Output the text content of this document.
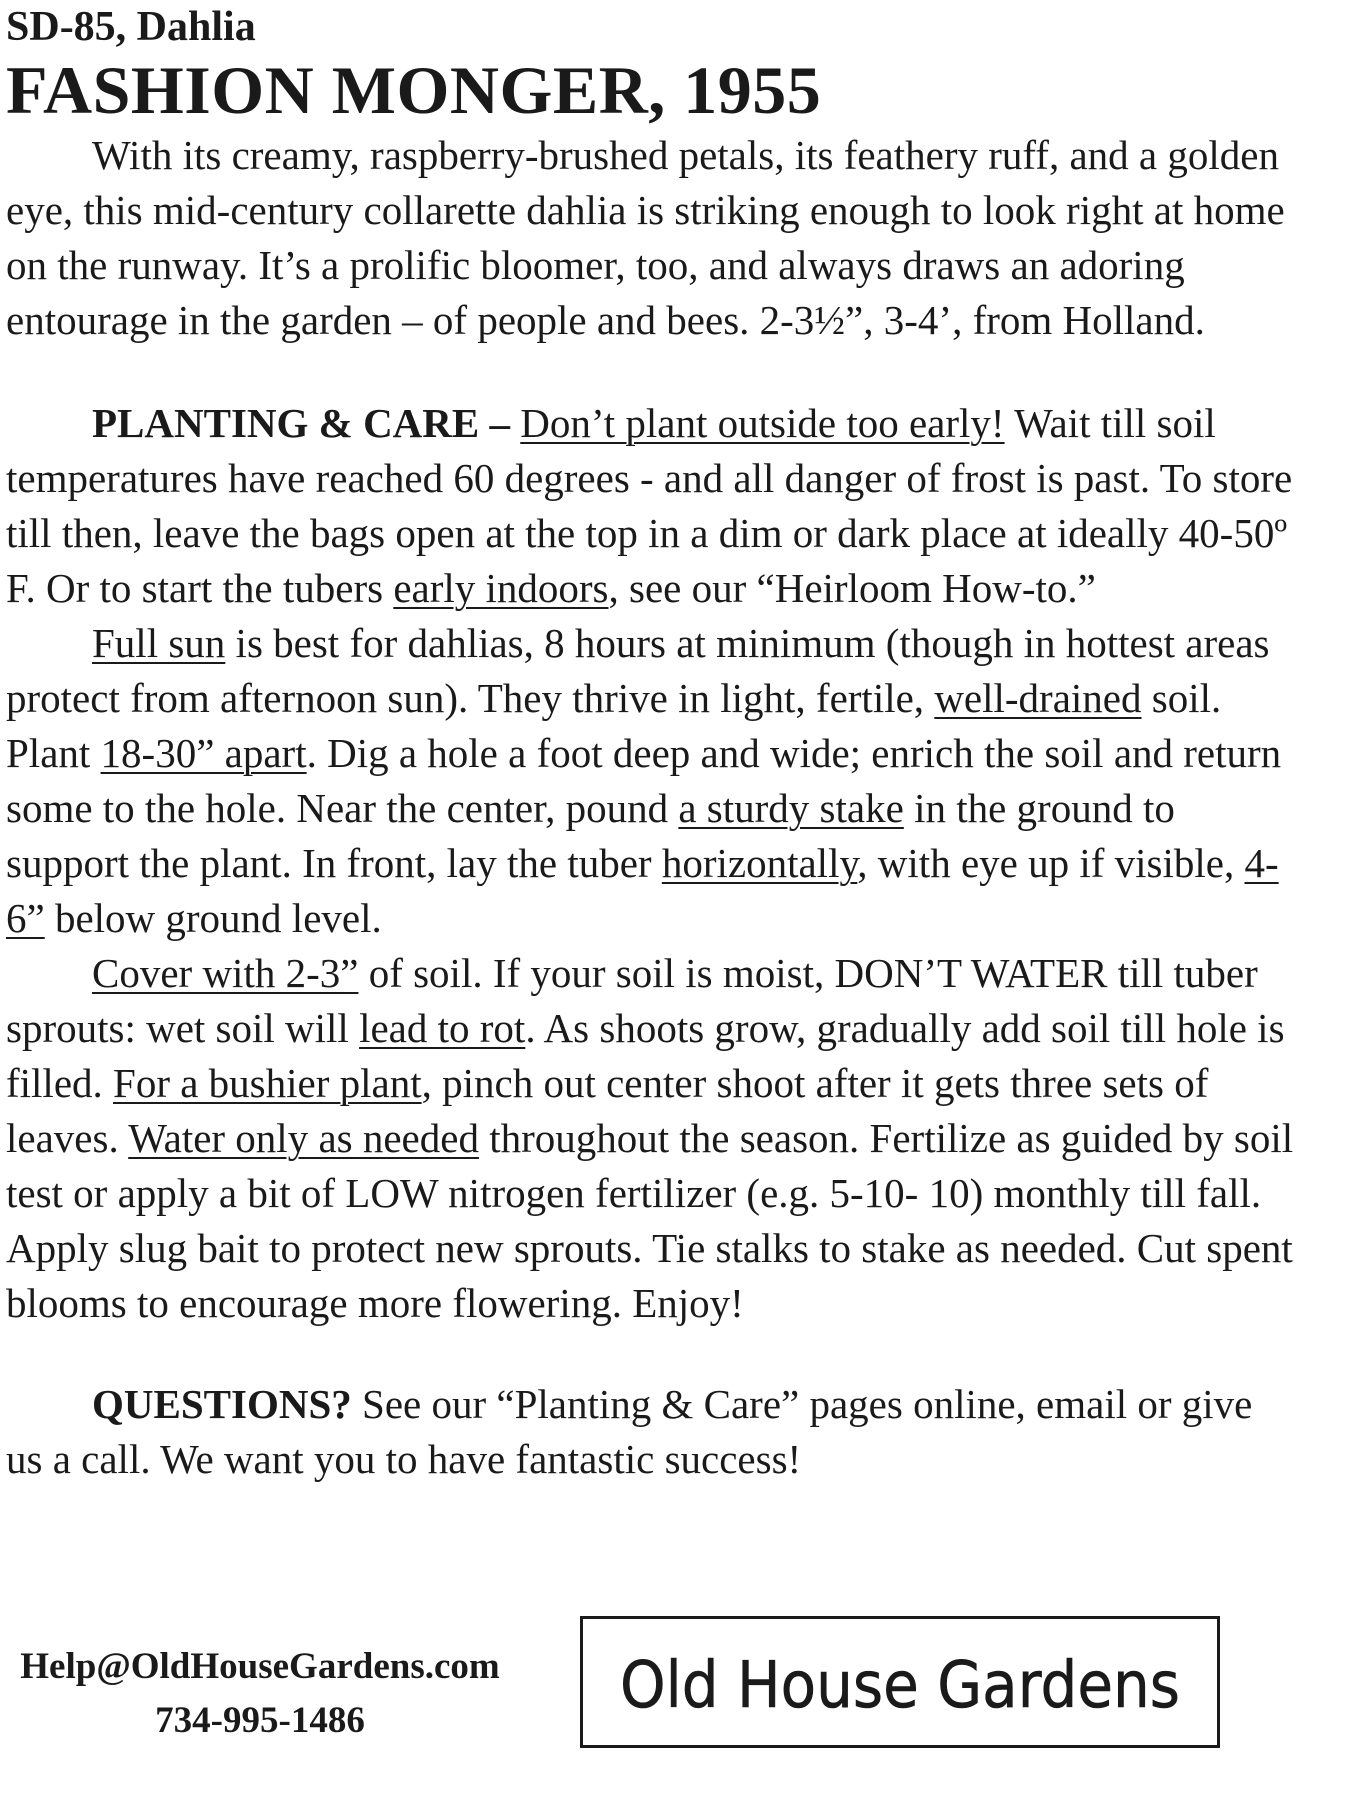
SD-85, Dahlia

FASHION MONGER, 1955

With its creamy, raspberry-brushed petals, its feathery ruff, and a golden eye, this mid-century collarette dahlia is striking enough to look right at home on the runway. It’s a prolific bloomer, too, and always draws an adoring entourage in the garden – of people and bees. 2-3½”, 3-4’, from Holland.

PLANTING & CARE – Don’t plant outside too early! Wait till soil temperatures have reached 60 degrees - and all danger of frost is past. To store till then, leave the bags open at the top in a dim or dark place at ideally 40-50º F. Or to start the tubers early indoors, see our “Heirloom How-to.”

Full sun is best for dahlias, 8 hours at minimum (though in hottest areas protect from afternoon sun). They thrive in light, fertile, well-drained soil. Plant 18-30” apart. Dig a hole a foot deep and wide; enrich the soil and return some to the hole. Near the center, pound a sturdy stake in the ground to support the plant. In front, lay the tuber horizontally, with eye up if visible, 4-6” below ground level.

Cover with 2-3” of soil. If your soil is moist, DON’T WATER till tuber sprouts: wet soil will lead to rot. As shoots grow, gradually add soil till hole is filled. For a bushier plant, pinch out center shoot after it gets three sets of leaves. Water only as needed throughout the season. Fertilize as guided by soil test or apply a bit of LOW nitrogen fertilizer (e.g. 5-10- 10) monthly till fall. Apply slug bait to protect new sprouts. Tie stalks to stake as needed. Cut spent blooms to encourage more flowering. Enjoy!

QUESTIONS? See our “Planting & Care” pages online, email or give us a call. We want you to have fantastic success!

Help@OldHouseGardens.com
734-995-1486	Old House Gardens
